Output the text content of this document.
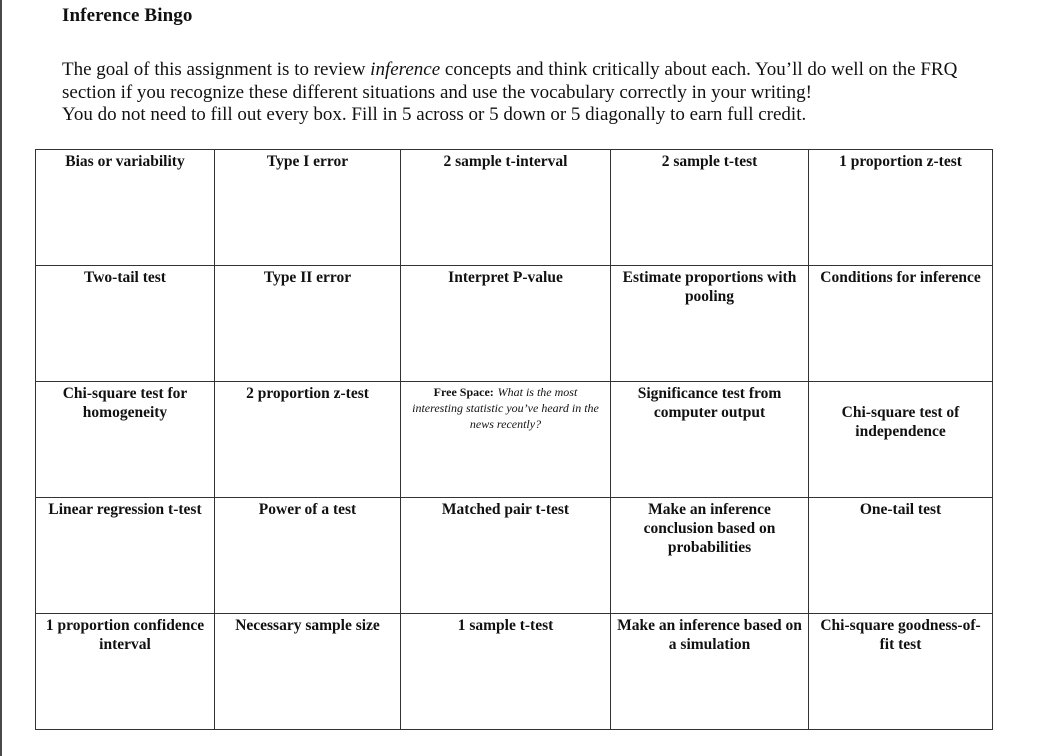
Inference Bingo

The goal of this assignment is to review inference concepts and think critically about each. You’ll do well on the FRQ section if you recognize these different situations and use the vocabulary correctly in your writing!

You do not need to fill out every box. Fill in 5 across or 5 down or 5 diagonally to earn full credit.

Bias or variability	Type I error	2 sample t-interval	2 sample t-test	1 proportion z-test

Two-tail test	Type II error	Interpret P-value	Estimate proportions with pooling	Conditions for inference

Chi-square test for homogeneity	2 proportion z-test	Free Space: What is the most interesting statistic you’ve heard in the news recently?	Significance test from computer output	Chi-square test of independence

Linear regression t-test	Power of a test	Matched pair t-test	Make an inference conclusion based on probabilities	One-tail test

1 proportion confidence interval	Necessary sample size	1 sample t-test	Make an inference based on a simulation	Chi-square goodness-of-fit test
